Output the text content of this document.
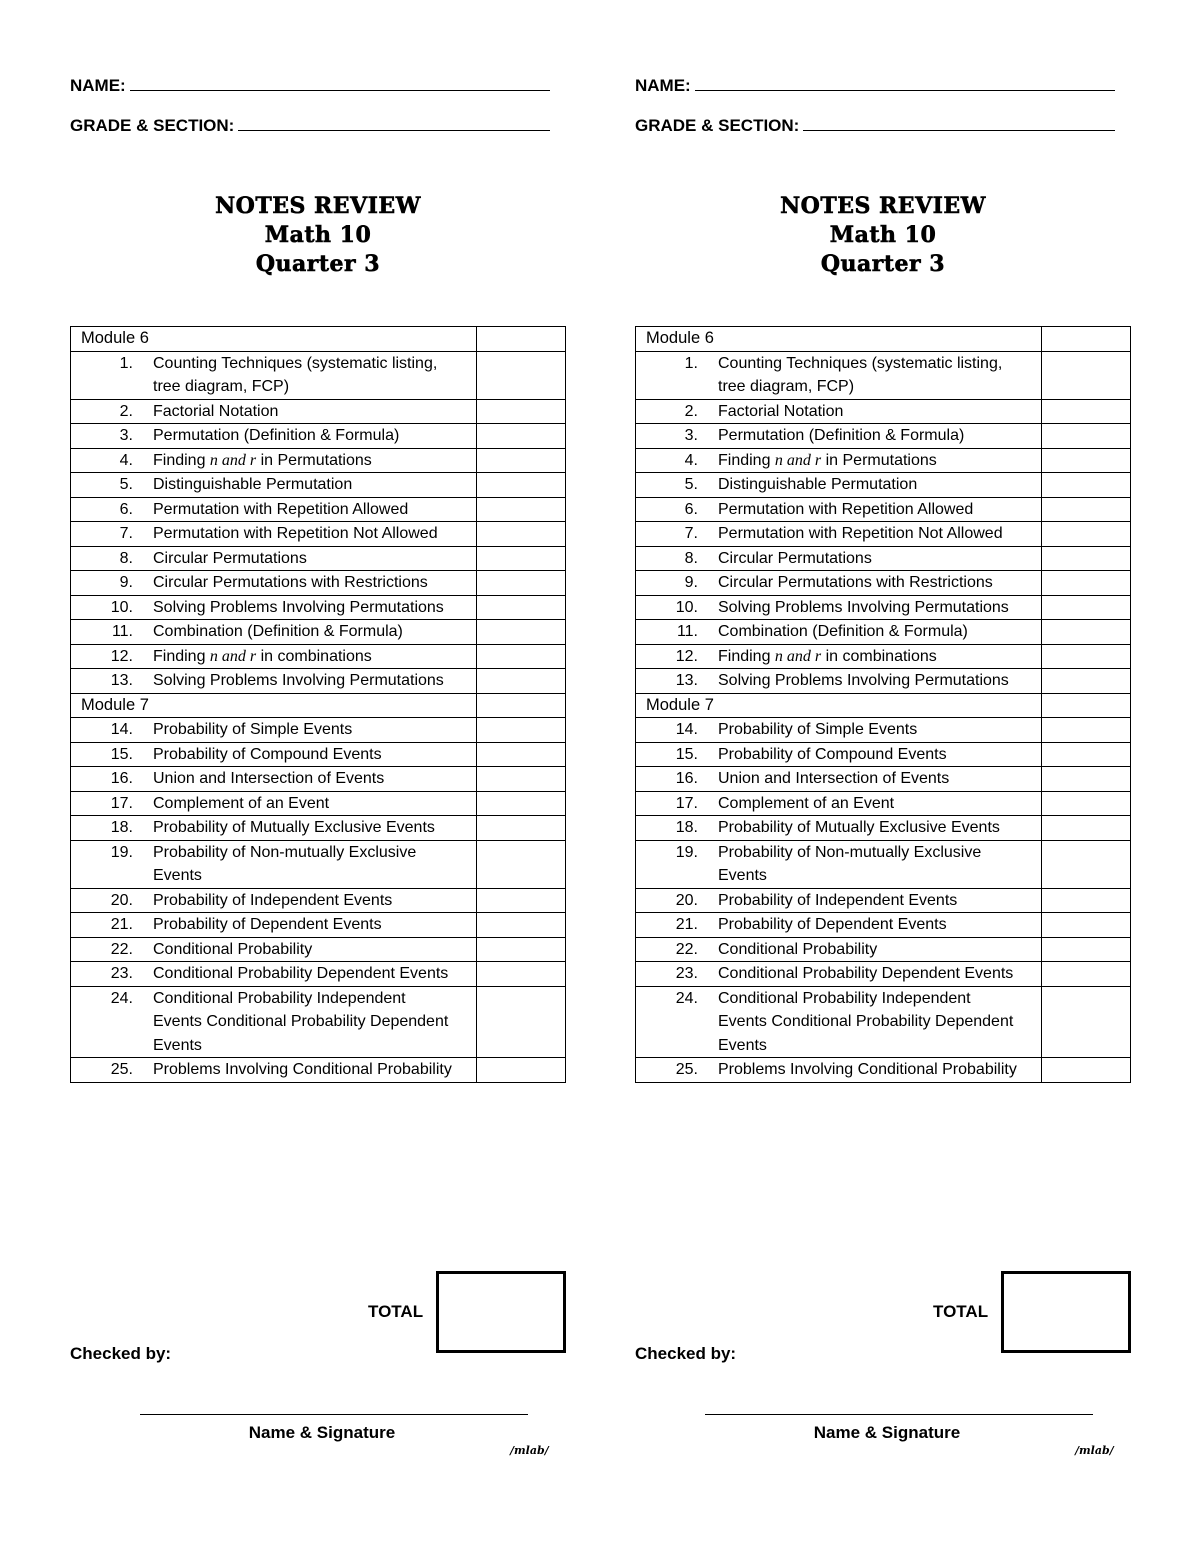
NAME:
GRADE & SECTION:
NOTES REVIEW
Math 10
Quarter 3
Module 6	

1. Counting Techniques (systematic listing, tree diagram, FCP)	

2. Factorial Notation	

3. Permutation (Definition & Formula)	

4. Finding n and r in Permutations	

5. Distinguishable Permutation	

6. Permutation with Repetition Allowed	

7. Permutation with Repetition Not Allowed	

8. Circular Permutations	

9. Circular Permutations with Restrictions	

10. Solving Problems Involving Permutations	

11. Combination (Definition & Formula)	

12. Finding n and r in combinations	

13. Solving Problems Involving Permutations	

Module 7	

14. Probability of Simple Events	

15. Probability of Compound Events	

16. Union and Intersection of Events	

17. Complement of an Event	

18. Probability of Mutually Exclusive Events	

19. Probability of Non-mutually Exclusive Events	

20. Probability of Independent Events	

21. Probability of Dependent Events	

22. Conditional Probability	

23. Conditional Probability Dependent Events	

24. Conditional Probability Independent Events Conditional Probability Dependent Events	

25. Problems Involving Conditional Probability	

TOTAL
Checked by:
Name & Signature
/mlab/
NAME:
GRADE & SECTION:
NOTES REVIEW
Math 10
Quarter 3
Module 6	

1. Counting Techniques (systematic listing, tree diagram, FCP)	

2. Factorial Notation	

3. Permutation (Definition & Formula)	

4. Finding n and r in Permutations	

5. Distinguishable Permutation	

6. Permutation with Repetition Allowed	

7. Permutation with Repetition Not Allowed	

8. Circular Permutations	

9. Circular Permutations with Restrictions	

10. Solving Problems Involving Permutations	

11. Combination (Definition & Formula)	

12. Finding n and r in combinations	

13. Solving Problems Involving Permutations	

Module 7	

14. Probability of Simple Events	

15. Probability of Compound Events	

16. Union and Intersection of Events	

17. Complement of an Event	

18. Probability of Mutually Exclusive Events	

19. Probability of Non-mutually Exclusive Events	

20. Probability of Independent Events	

21. Probability of Dependent Events	

22. Conditional Probability	

23. Conditional Probability Dependent Events	

24. Conditional Probability Independent Events Conditional Probability Dependent Events	

25. Problems Involving Conditional Probability	

TOTAL
Checked by:
Name & Signature
/mlab/
